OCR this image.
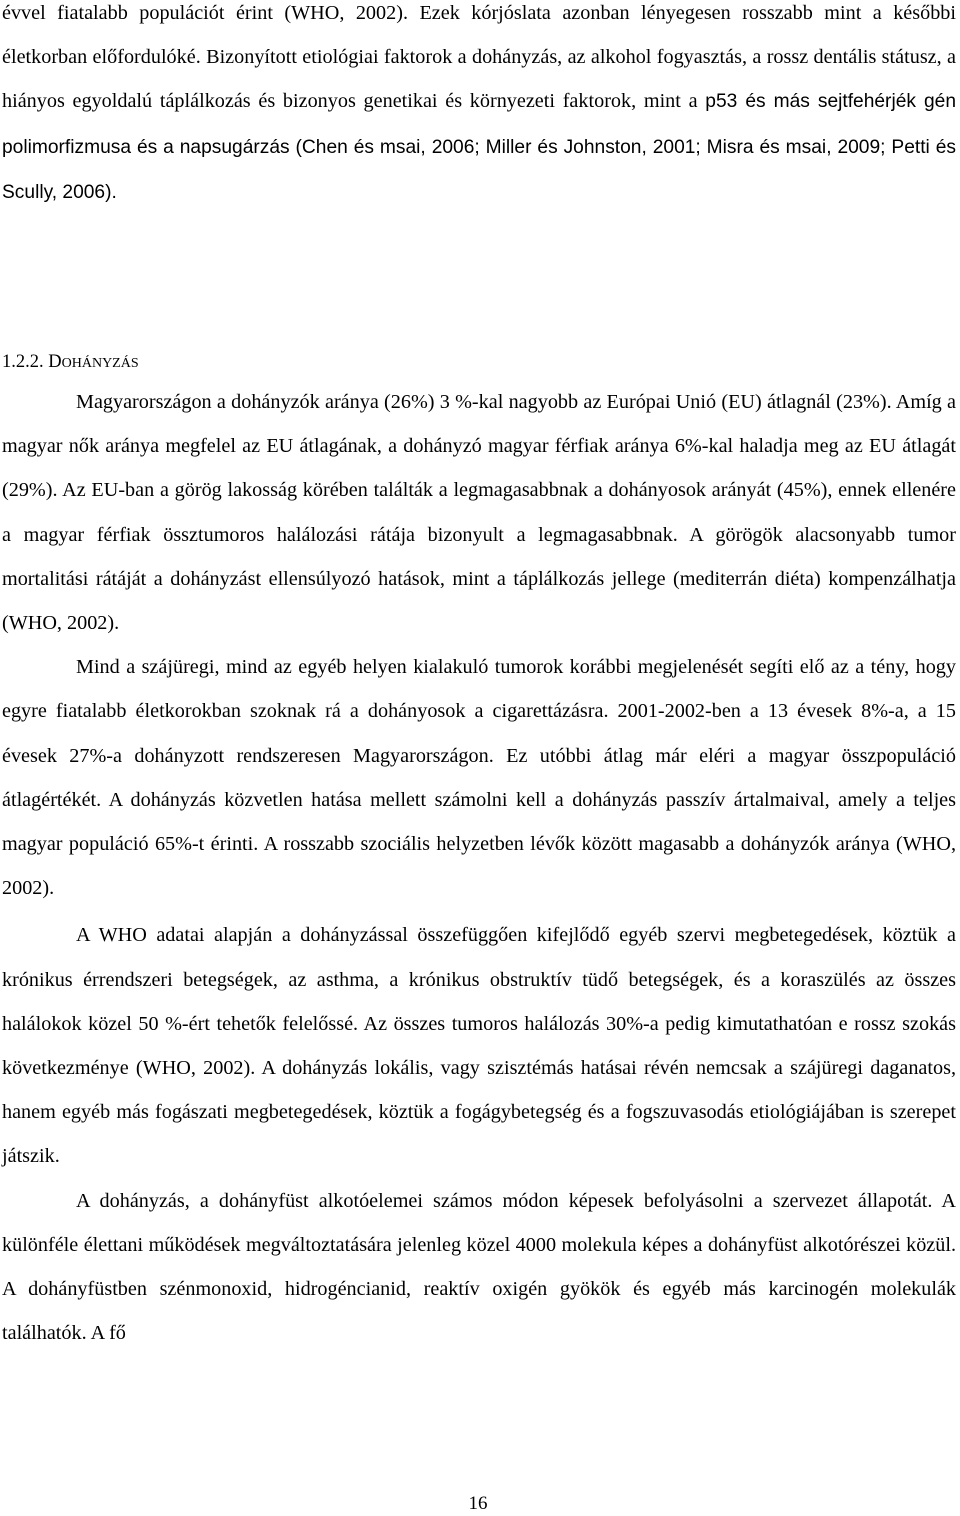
évvel fiatalabb populációt érint (WHO, 2002). Ezek kórjóslata azonban lényegesen rosszabb mint a későbbi életkorban előfordulóké. Bizonyított etiológiai faktorok a dohányzás, az alkohol fogyasztás, a rossz dentális státusz, a hiányos egyoldalú táplálkozás és bizonyos genetikai és környezeti faktorok, mint a p53 és más sejtfehérjék gén polimorfizmusa és a napsugárzás (Chen és msai, 2006; Miller és Johnston, 2001; Misra és msai, 2009; Petti és Scully, 2006).

1.2.2. DOHÁNYZÁS

Magyarországon a dohányzók aránya (26%) 3 %-kal nagyobb az Európai Unió (EU) átlagnál (23%). Amíg a magyar nők aránya megfelel az EU átlagának, a dohányzó magyar férfiak aránya 6%-kal haladja meg az EU átlagát (29%). Az EU-ban a görög lakosság körében találták a legmagasabbnak a dohányosok arányát (45%), ennek ellenére a magyar férfiak össztumoros halálozási rátája bizonyult a legmagasabbnak. A görögök alacsonyabb tumor mortalitási rátáját a dohányzást ellensúlyozó hatások, mint a táplálkozás jellege (mediterrán diéta) kompenzálhatja (WHO, 2002).

Mind a szájüregi, mind az egyéb helyen kialakuló tumorok korábbi megjelenését segíti elő az a tény, hogy egyre fiatalabb életkorokban szoknak rá a dohányosok a cigarettázásra. 2001-2002-ben a 13 évesek 8%-a, a 15 évesek 27%-a dohányzott rendszeresen Magyarországon. Ez utóbbi átlag már eléri a magyar összpopuláció átlagértékét. A dohányzás közvetlen hatása mellett számolni kell a dohányzás passzív ártalmaival, amely a teljes magyar populáció 65%-t érinti. A rosszabb szociális helyzetben lévők között magasabb a dohányzók aránya (WHO, 2002).

A WHO adatai alapján a dohányzással összefüggően kifejlődő egyéb szervi megbetegedések, köztük a krónikus érrendszeri betegségek, az asthma, a krónikus obstruktív tüdő betegségek, és a koraszülés az összes halálokok közel 50 %-ért tehetők felelőssé. Az összes tumoros halálozás 30%-a pedig kimutathatóan e rossz szokás következménye (WHO, 2002). A dohányzás lokális, vagy szisztémás hatásai révén nemcsak a szájüregi daganatos, hanem egyéb más fogászati megbetegedések, köztük a fogágybetegség és a fogszuvasodás etiológiájában is szerepet játszik.

A dohányzás, a dohányfüst alkotóelemei számos módon képesek befolyásolni a szervezet állapotát. A különféle élettani működések megváltoztatására jelenleg közel 4000 molekula képes a dohányfüst alkotórészei közül. A dohányfüstben szénmonoxid, hidrogéncianid, reaktív oxigén gyökök és egyéb más karcinogén molekulák találhatók. A fő

16
